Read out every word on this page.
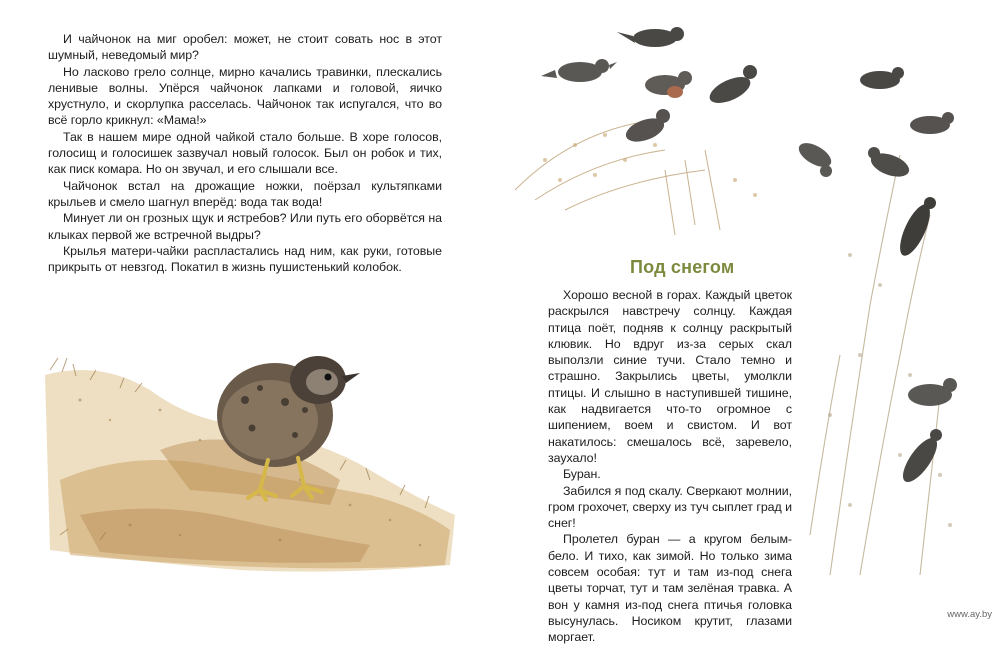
И чайчонок на миг оробел: может, не стоит совать нос в этот шумный, неведомый мир?

Но ласково грело солнце, мирно качались травинки, плескались ленивые волны. Упёрся чайчонок лапками и головой, яичко хрустнуло, и скорлупка расселась. Чайчонок так испугался, что во всё горло крикнул: «Мама!»

Так в нашем мире одной чайкой стало больше. В хоре голосов, голосищ и голосишек зазвучал новый голосок. Был он робок и тих, как писк комара. Но он звучал, и его слышали все.

Чайчонок встал на дрожащие ножки, поёрзал культяпками крыльев и смело шагнул вперёд: вода так вода!

Минует ли он грозных щук и ястребов? Или путь его оборвётся на клыках первой же встречной выдры?

Крылья матери-чайки распластались над ним, как руки, готовые прикрыть от невзгод. Покатил в жизнь пушистенький колобок.	Под снегом

Хорошо весной в горах. Каждый цветок раскрылся навстречу солнцу. Каждая птица поёт, подняв к солнцу раскрытый клювик. Но вдруг из-за серых скал выползли синие тучи. Стало темно и страшно. Закрылись цветы, умолкли птицы. И слышно в наступившей тишине, как надвигается что-то огромное с шипением, воем и свистом. И вот накатилось: смешалось всё, заревело, заухало!

Буран.

Забился я под скалу. Сверкают молнии, гром грохочет, сверху из туч сыплет град и снег!

Пролетел буран — а кругом белым-бело. И тихо, как зимой. Но только зима совсем особая: тут и там из-под снега цветы торчат, тут и там зелёная травка. А вон у камня из-под снега птичья головка высунулась. Носиком крутит, глазами моргает.

www.ay.by
